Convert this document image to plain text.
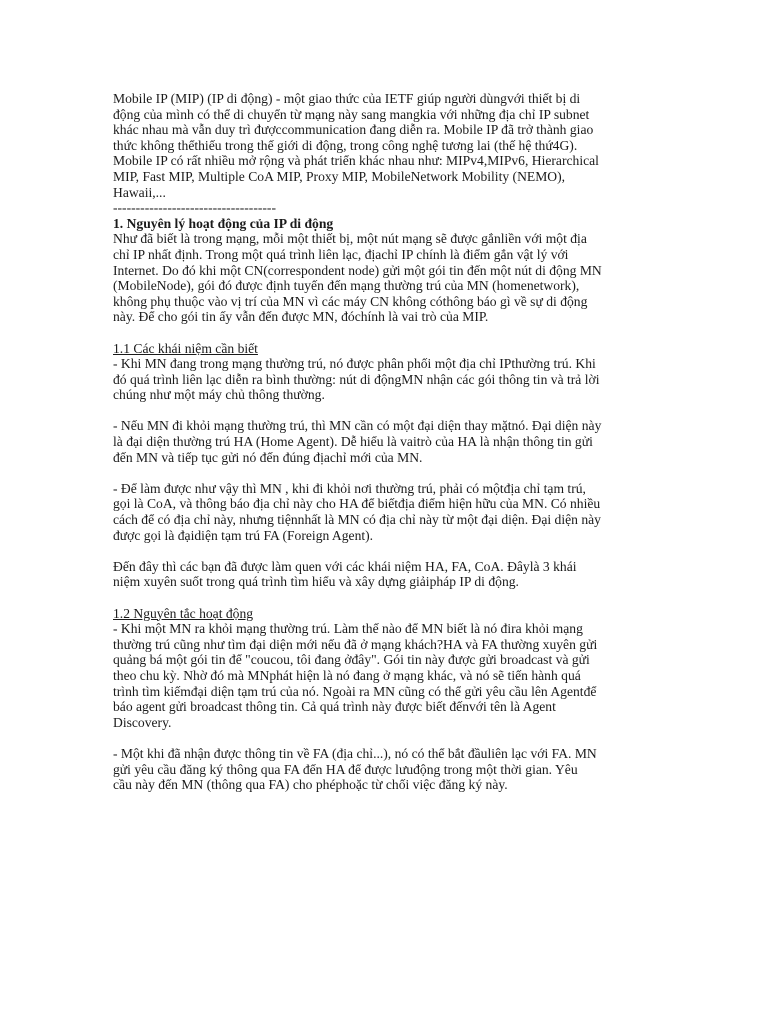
Mobile IP (MIP) (IP di động) - một giao thức của IETF giúp người dùngvới thiết bị di
động của mình có thể di chuyển từ mạng này sang mangkia với những địa chỉ IP subnet
khác nhau mà vẫn duy trì đượccommunication đang diễn ra. Mobile IP đã trở thành giao
thức không thểthiếu trong thế giới di động, trong công nghệ tương lai (thế hệ thứ4G).
Mobile IP có rất nhiều mở rộng và phát triển khác nhau như: MIPv4,MIPv6, Hierarchical
MIP, Fast MIP, Multiple CoA MIP, Proxy MIP, MobileNetwork Mobility (NEMO),
Hawaii,...

------------------------------------

1. Nguyên lý hoạt động của IP di động
Như đã biết là trong mạng, mỗi một thiết bị, một nút mạng sẽ được gắnliền với một địa
chỉ IP nhất định. Trong một quá trình liên lạc, địachỉ IP chính là điểm gắn vật lý với
Internet. Do đó khi một CN(correspondent node) gửi một gói tin đến một nút di động MN
(MobileNode), gói đó được định tuyến đến mạng thường trú của MN (homenetwork),
không phụ thuộc vào vị trí của MN vì các máy CN không cóthông báo gì về sự di động
này. Để cho gói tin ấy vẫn đến được MN, đóchính là vai trò của MIP.

1.1 Các khái niệm cần biết
- Khi MN đang trong mạng thường trú, nó được phân phối một địa chỉ IPthường trú. Khi
đó quá trình liên lạc diễn ra bình thường: nút di độngMN nhận các gói thông tin và trả lời
chúng như một máy chủ thông thường.

- Nếu MN đi khỏi mạng thường trú, thì MN cần có một đại diện thay mặtnó. Đại diện này
là đại diện thường trú HA (Home Agent). Dễ hiểu là vaitrò của HA là nhận thông tin gửi
đến MN và tiếp tục gửi nó đến đúng địachỉ mới của MN.

- Để làm được như vậy thì MN , khi đi khỏi nơi thường trú, phải có mộtđịa chỉ tạm trú,
gọi là CoA, và thông báo địa chỉ này cho HA để biếtđịa điểm hiện hữu của MN. Có nhiều
cách để có địa chỉ này, nhưng tiệnnhất là MN có địa chỉ này từ một đại diện. Đại diện này
được gọi là đạidiện tạm trú FA (Foreign Agent).

Đến đây thì các bạn đã được làm quen với các khái niệm HA, FA, CoA. Đâylà 3 khái
niệm xuyên suốt trong quá trình tìm hiểu và xây dựng giảipháp IP di động.

1.2 Nguyên tắc hoạt động
- Khi một MN ra khỏi mạng thường trú. Làm thế nào để MN biết là nó đira khỏi mạng
thường trú cũng như tìm đại diện mới nếu đã ở mạng khách?HA và FA thường xuyên gửi
quảng bá một gói tin để "coucou, tôi đang ởđây". Gói tin này được gửi broadcast và gửi
theo chu kỳ. Nhờ đó mà MNphát hiện là nó đang ở mạng khác, và nó sẽ tiến hành quá
trình tìm kiếmđại diện tạm trú của nó. Ngoài ra MN cũng có thể gửi yêu cầu lên Agentđể
báo agent gửi broadcast thông tin. Cả quá trình này được biết đếnvới tên là Agent
Discovery.

- Một khi đã nhận được thông tin về FA (địa chỉ...), nó có thể bắt đầuliên lạc với FA. MN
gửi yêu cầu đăng ký thông qua FA đến HA để được lưuđộng trong một thời gian. Yêu
cầu này đến MN (thông qua FA) cho phéphoặc từ chối việc đăng ký này.
